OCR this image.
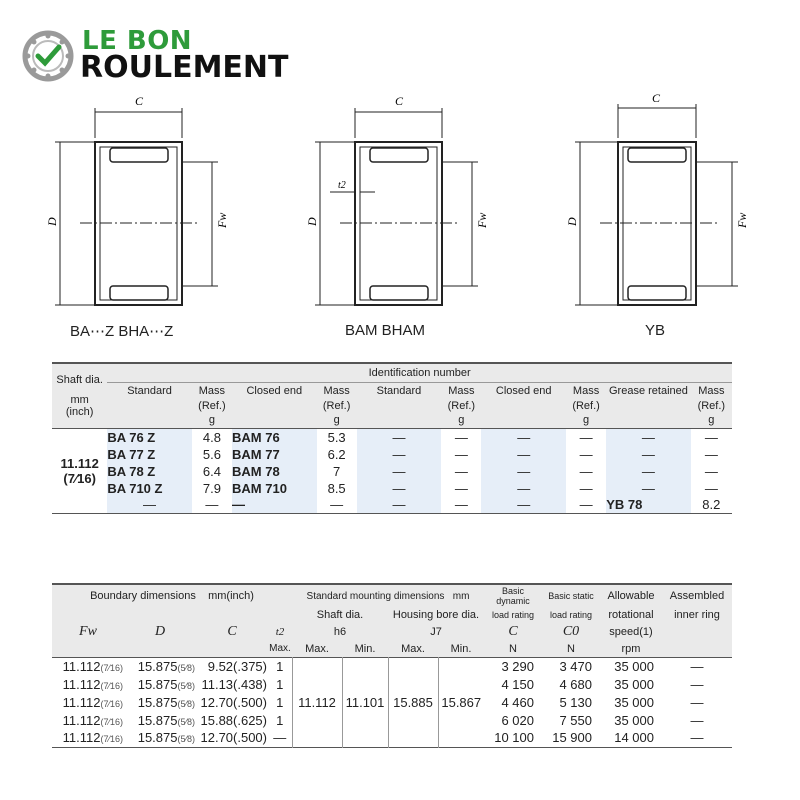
LE BON
ROULEMENT
C
D	Fw
BA⋯Z BHA⋯Z
C
t2
D	Fw
BAM BHAM
C
D	Fw
YB
Shaft dia.
mm
(inch)	Identification number									
	Standard	Mass	Closed end	Mass	Standard	Mass	Closed end	Mass	Grease retained	Mass
		(Ref.)		(Ref.)		(Ref.)		(Ref.)		(Ref.)
		g		g		g		g		g

11.112
(7⁄16)	BA 76 Z	4.8	BAM 76	5.3	—	—	—	—	—	—
	BA 77 Z	5.6	BAM 77	6.2	—	—	—	—	—	—
	BA 78 Z	6.4	BAM 78	7	—	—	—	—	—	—
	BA 710 Z	7.9	BAM 710	8.5	—	—	—	—	—	—
	—	—	—	—	—	—	—	—	YB 78	8.2
Boundary dimensions mm(inch)				Standard mounting dimensions mm				Basic dynamic	Basic static	Allowable	Assembled

				Shaft dia.		Housing bore dia.		load rating	load rating	rotational	inner ring
Fw	D	C	t2	h6		J7		C	C0	speed(1)	
			Max.	Max.	Min.	Max.	Min.	N	N	rpm	
11.112(7⁄16)	15.875(5⁄8)	9.52(.375)	1	11.112	11.101	15.885	15.867	3 290	3 470	35 000	—
11.112(7⁄16)	15.875(5⁄8)	11.13(.438)	1					4 150	4 680	35 000	—
11.112(7⁄16)	15.875(5⁄8)	12.70(.500)	1					4 460	5 130	35 000	—
11.112(7⁄16)	15.875(5⁄8)	15.88(.625)	1					6 020	7 550	35 000	—
11.112(7⁄16)	15.875(5⁄8)	12.70(.500)	—					10 100	15 900	14 000	—
